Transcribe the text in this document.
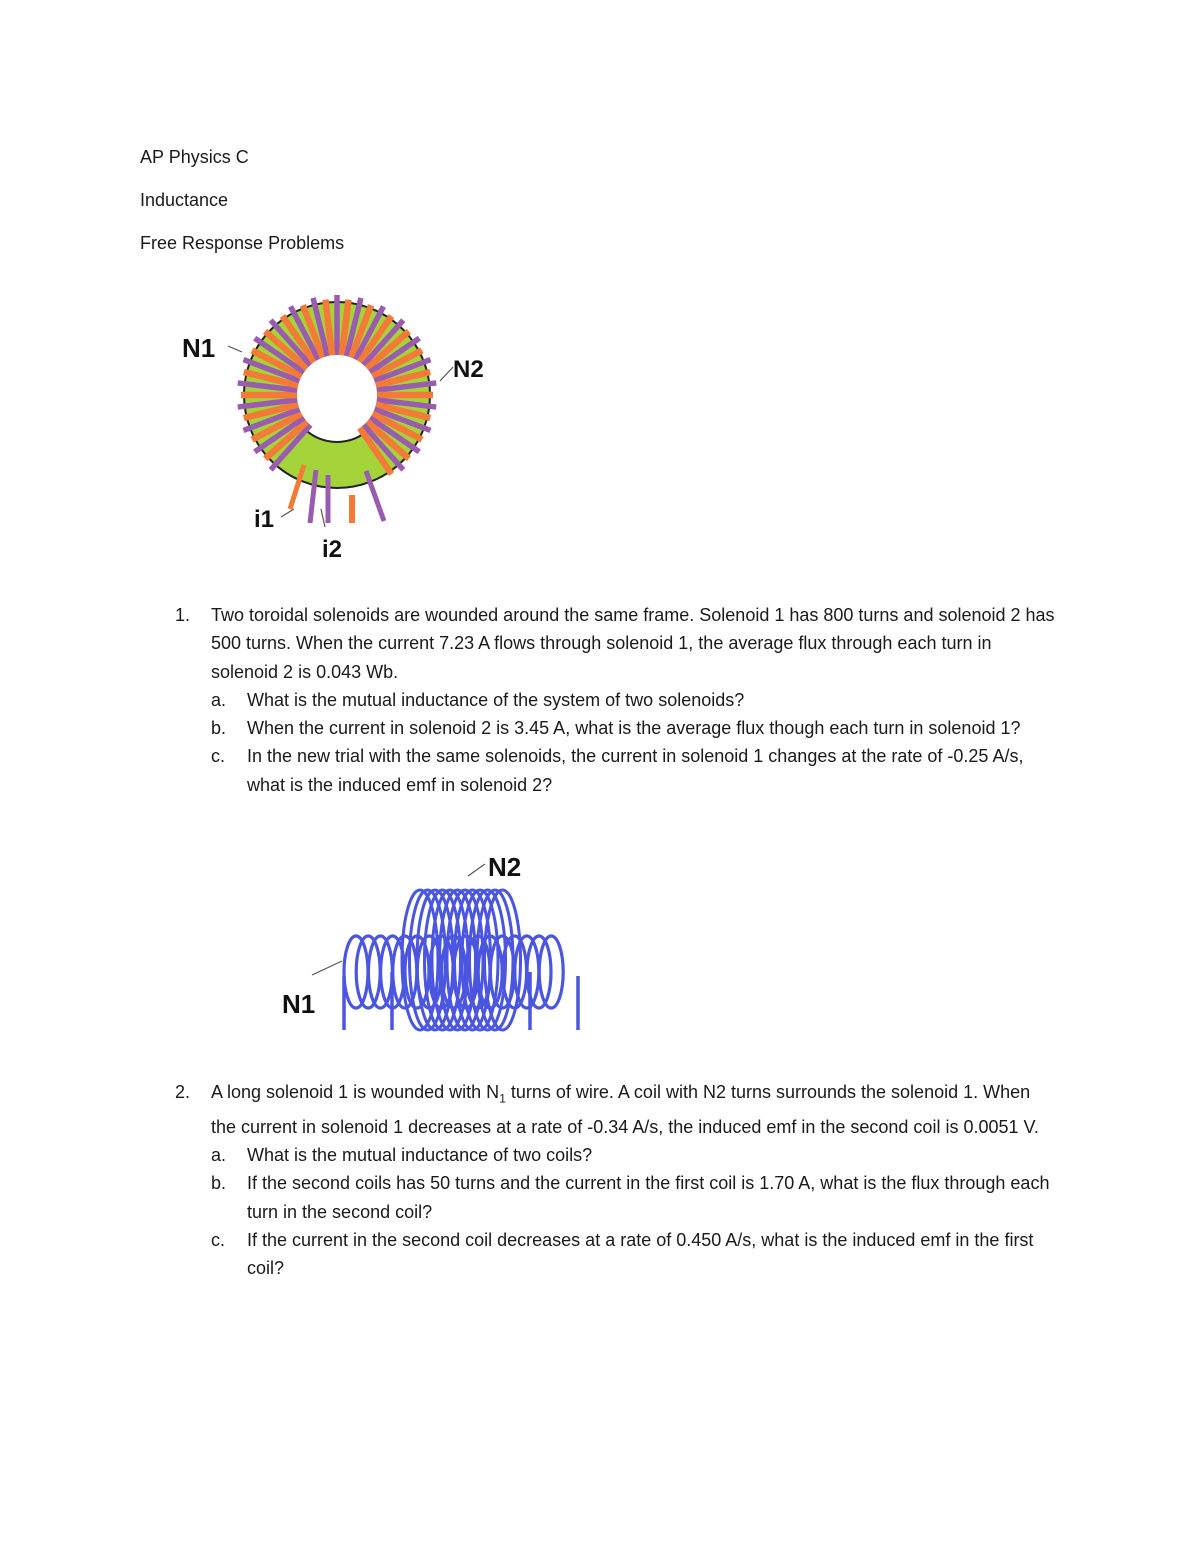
AP Physics C

Inductance

Free Response Problems

N1
N2
i1
i2
1. Two toroidal solenoids are wounded around the same frame. Solenoid 1 has 800 turns and solenoid 2 has 500 turns. When the current 7.23 A flows through solenoid 1, the average flux through each turn in solenoid 2 is 0.043 Wb.
a. What is the mutual inductance of the system of two solenoids?
b. When the current in solenoid 2 is 3.45 A, what is the average flux though each turn in solenoid 1?
c. In the new trial with the same solenoids, the current in solenoid 1 changes at the rate of -0.25 A/s, what is the induced emf in solenoid 2?
N2
N1
2. A long solenoid 1 is wounded with $N_1$ turns of wire. A coil with N2 turns surrounds the solenoid 1. When the current in solenoid 1 decreases at a rate of -0.34 A/s, the induced emf in the second coil is 0.0051 V.
a. What is the mutual inductance of two coils?
b. If the second coils has 50 turns and the current in the first coil is 1.70 A, what is the flux through each turn in the second coil?
c. If the current in the second coil decreases at a rate of 0.450 A/s, what is the induced emf in the first coil?
